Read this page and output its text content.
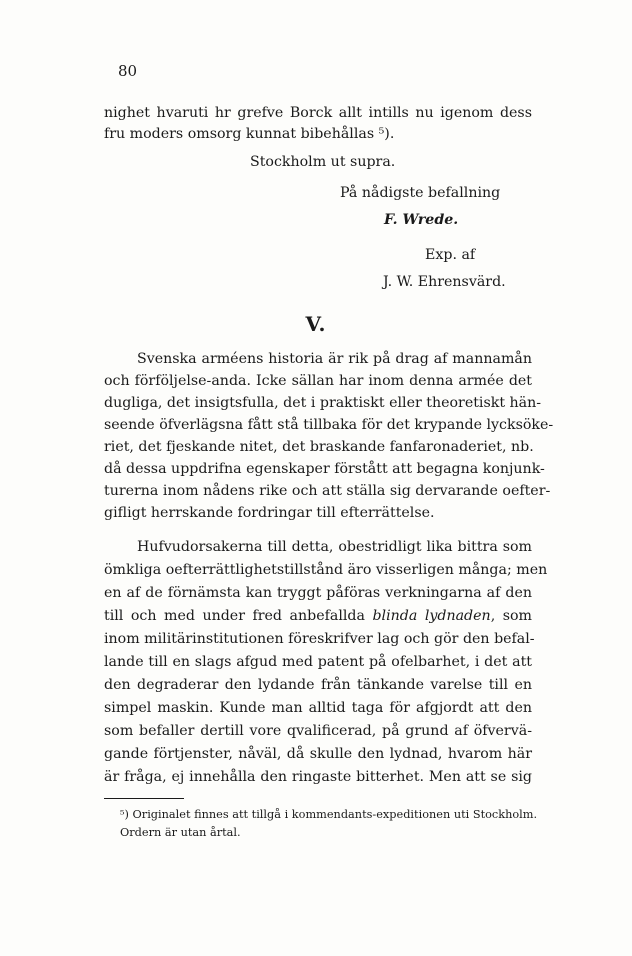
80
nighet hvaruti hr grefve Borck allt intills nu igenom dess
fru moders omsorg kunnat bibehållas ⁵).
Stockholm ut supra.
På nådigste befallning
F. Wrede.
Exp. af
J. W. Ehrensvärd.
V.
Svenska arméens historia är rik på drag af mannamån
och förföljelse-anda. Icke sällan har inom denna armée det
dugliga, det insigtsfulla, det i praktiskt eller theoretiskt hän-
seende öfverlägsna fått stå tillbaka för det krypande lycksöke-
riet, det fjeskande nitet, det braskande fanfaronaderiet, nb.
då dessa uppdrifna egenskaper förstått att begagna konjunk-
turerna inom nådens rike och att ställa sig dervarande oefter-
gifligt herrskande fordringar till efterrättelse.
Hufvudorsakerna till detta, obestridligt lika bittra som
ömkliga oefterrättlighetstillstånd äro visserligen många; men
en af de förnämsta kan tryggt påföras verkningarna af den
till och med under fred anbefallda blinda lydnaden, som
inom militärinstitutionen föreskrifver lag och gör den befal-
lande till en slags afgud med patent på ofelbarhet, i det att
den degraderar den lydande från tänkande varelse till en
simpel maskin. Kunde man alltid taga för afgjordt att den
som befaller dertill vore qvalificerad, på grund af öfvervä-
gande förtjenster, nåväl, då skulle den lydnad, hvarom här
är fråga, ej innehålla den ringaste bitterhet. Men att se sig
⁵) Originalet finnes att tillgå i kommendants-expeditionen uti Stockholm.
Ordern är utan årtal.
